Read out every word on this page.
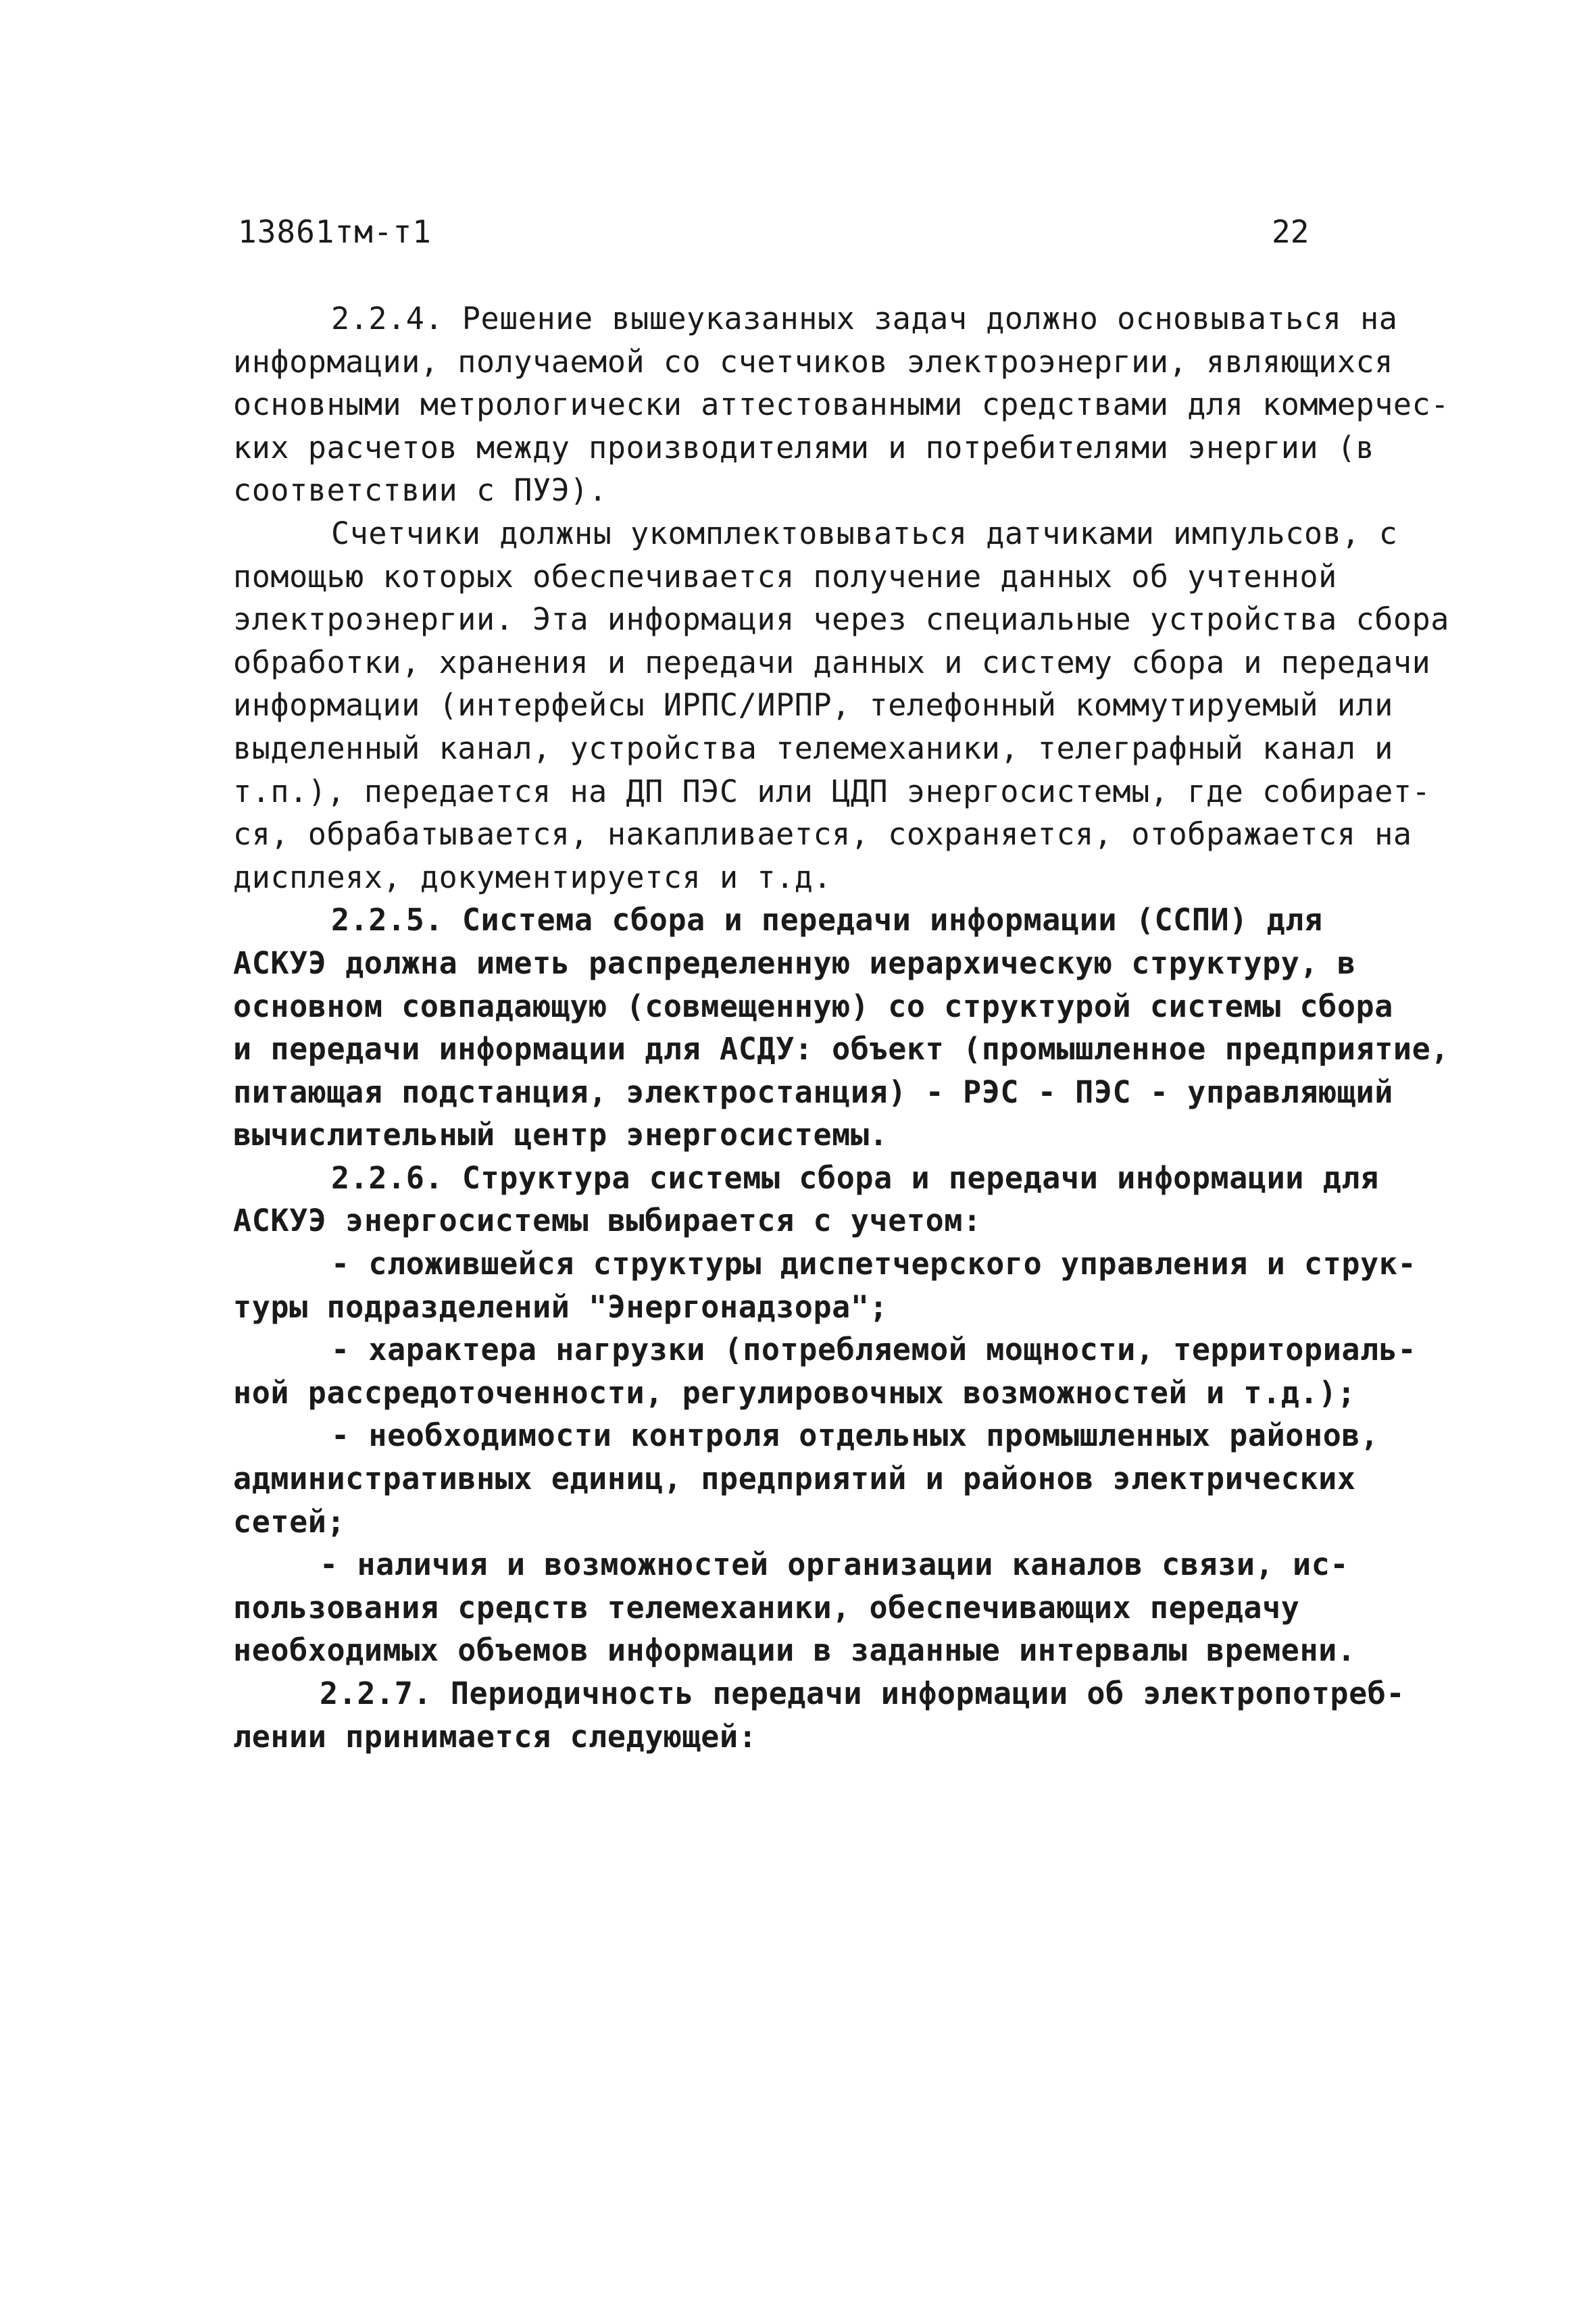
13861тм-т1	22
2.2.4. Решение вышеуказанных задач должно основываться на
информации, получаемой со счетчиков электроэнергии, являющихся
основными метрологически аттестованными средствами для коммерчес-
ких расчетов между производителями и потребителями энергии (в
соответствии с ПУЭ).
Счетчики должны укомплектовываться датчиками импульсов, с
помощью которых обеспечивается получение данных об учтенной
электроэнергии. Эта информация через специальные устройства сбора
обработки, хранения и передачи данных и систему сбора и передачи
информации (интерфейсы ИРПС/ИРПР, телефонный коммутируемый или
выделенный канал, устройства телемеханики, телеграфный канал и
т.п.), передается на ДП ПЭС или ЦДП энергосистемы, где собирает-
ся, обрабатывается, накапливается, сохраняется, отображается на
дисплеях, документируется и т.д.
2.2.5. Система сбора и передачи информации (ССПИ) для
АСКУЭ должна иметь распределенную иерархическую структуру, в
основном совпадающую (совмещенную) со структурой системы сбора
и передачи информации для АСДУ: объект (промышленное предприятие,
питающая подстанция, электростанция) - РЭС - ПЭС - управляющий
вычислительный центр энергосистемы.
2.2.6. Структура системы сбора и передачи информации для
АСКУЭ энергосистемы выбирается с учетом:
- сложившейся структуры диспетчерского управления и струк-
туры подразделений "Энергонадзора";
- характера нагрузки (потребляемой мощности, территориаль-
ной рассредоточенности, регулировочных возможностей и т.д.);
- необходимости контроля отдельных промышленных районов,
административных единиц, предприятий и районов электрических
сетей;
- наличия и возможностей организации каналов связи, ис-
пользования средств телемеханики, обеспечивающих передачу
необходимых объемов информации в заданные интервалы времени.
2.2.7. Периодичность передачи информации об электропотреб-
лении принимается следующей:
